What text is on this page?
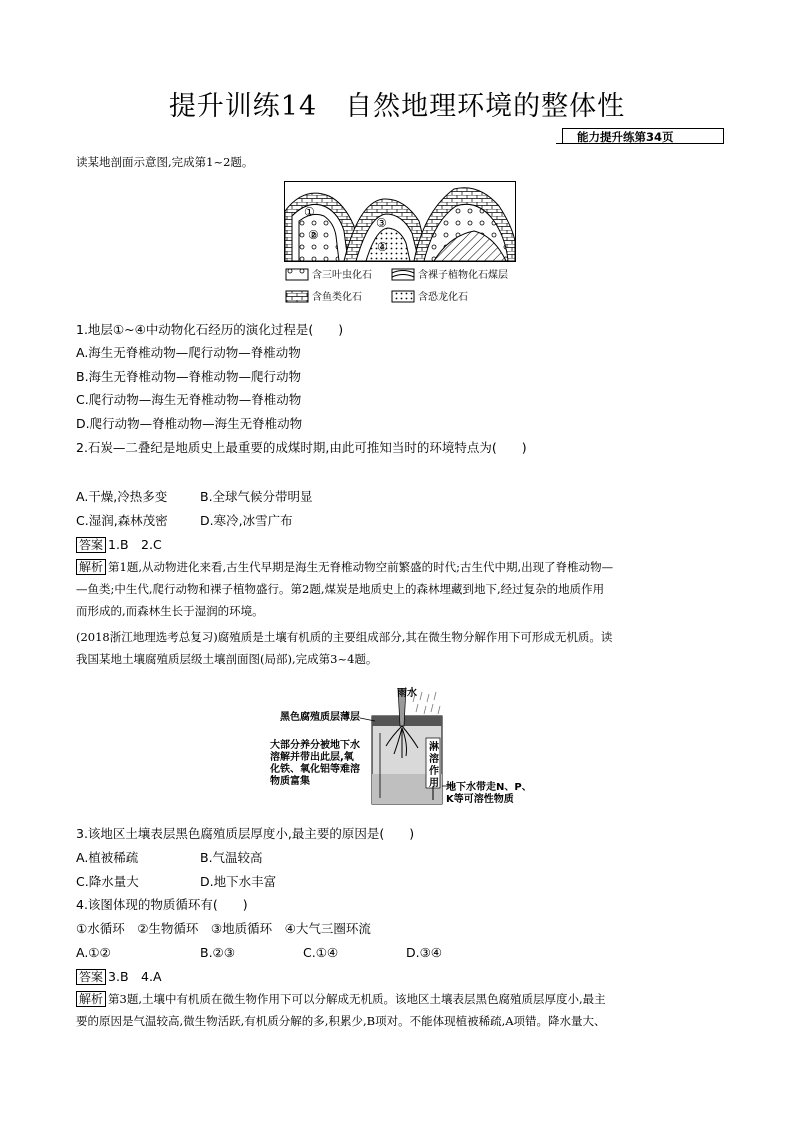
提升训练14　自然地理环境的整体性
能力提升练第34页
读某地剖面示意图,完成第1~2题。
①
②
③
④
含三叶虫化石	含裸子植物化石煤层
含鱼类化石	含恐龙化石
1.地层①~④中动物化石经历的演化过程是(　　)
A.海生无脊椎动物—爬行动物—脊椎动物
B.海生无脊椎动物—脊椎动物—爬行动物
C.爬行动物—海生无脊椎动物—脊椎动物
D.爬行动物—脊椎动物—海生无脊椎动物
2.石炭—二叠纪是地质史上最重要的成煤时期,由此可推知当时的环境特点为(　　)
A.干燥,冷热多变	B.全球气候分带明显
C.湿润,森林茂密	D.寒冷,冰雪广布
答案 1.B　2.C
解析 第1题,从动物进化来看,古生代早期是海生无脊椎动物空前繁盛的时代;古生代中期,出现了脊椎动物—
—鱼类;中生代,爬行动物和裸子植物盛行。第2题,煤炭是地质史上的森林埋藏到地下,经过复杂的地质作用
而形成的,而森林生长于湿润的环境。
(2018浙江地理选考总复习)腐殖质是土壤有机质的主要组成部分,其在微生物分解作用下可形成无机质。读
我国某地土壤腐殖质层级土壤剖面图(局部),完成第3~4题。
雨水
黑色腐殖质层薄层
大部分养分被地下水
溶解并带出此层,氧
化铁、氧化铝等难溶
物质富集
淋
溶
作
用 地下水带走N、P、
K等可溶性物质
3.该地区土壤表层黑色腐殖质层厚度小,最主要的原因是(　　)
A.植被稀疏	B.气温较高
C.降水量大	D.地下水丰富
4.该图体现的物质循环有(　　)
①水循环　②生物循环　③地质循环　④大气三圈环流
A.①②	B.②③	C.①④	D.③④
答案 3.B　4.A
解析 第3题,土壤中有机质在微生物作用下可以分解成无机质。该地区土壤表层黑色腐殖质层厚度小,最主
要的原因是气温较高,微生物活跃,有机质分解的多,积累少,B项对。不能体现植被稀疏,A项错。降水量大、
